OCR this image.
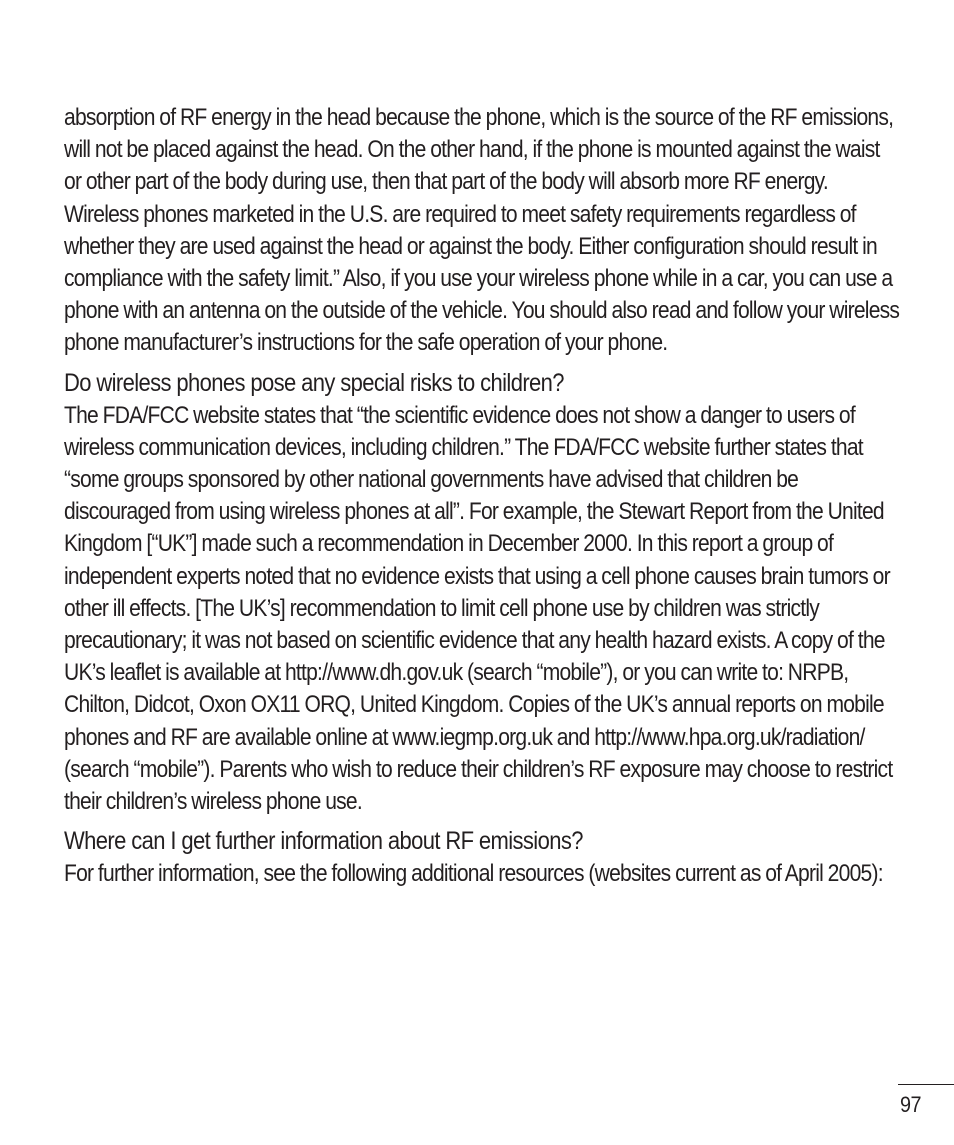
absorption of RF energy in the head because the phone, which is the source of the RF emissions, will not be placed against the head. On the other hand, if the phone is mounted against the waist or other part of the body during use, then that part of the body will absorb more RF energy. Wireless phones marketed in the U.S. are required to meet safety requirements regardless of whether they are used against the head or against the body. Either configuration should result in compliance with the safety limit.” Also, if you use your wireless phone while in a car, you can use a phone with an antenna on the outside of the vehicle. You should also read and follow your wireless phone manufacturer’s instructions for the safe operation of your phone.

Do wireless phones pose any special risks to children?

The FDA/FCC website states that “the scientific evidence does not show a danger to users of wireless communication devices, including children.” The FDA/FCC website further states that “some groups sponsored by other national governments have advised that children be discouraged from using wireless phones at all”. For example, the Stewart Report from the United Kingdom [“UK”] made such a recommendation in December 2000. In this report a group of independent experts noted that no evidence exists that using a cell phone causes brain tumors or other ill effects. [The UK’s] recommendation to limit cell phone use by children was strictly precautionary; it was not based on scientific evidence that any health hazard exists. A copy of the UK’s leaflet is available at http://www.dh.gov.uk (search “mobile”), or you can write to: NRPB, Chilton, Didcot, Oxon OX11 ORQ, United Kingdom. Copies of the UK’s annual reports on mobile phones and RF are available online at www.iegmp.org.uk and http://www.hpa.org.uk/radiation/ (search “mobile”). Parents who wish to reduce their children’s RF exposure may choose to restrict their children’s wireless phone use.

Where can I get further information about RF emissions?

For further information, see the following additional resources (websites current as of April 2005):

97
